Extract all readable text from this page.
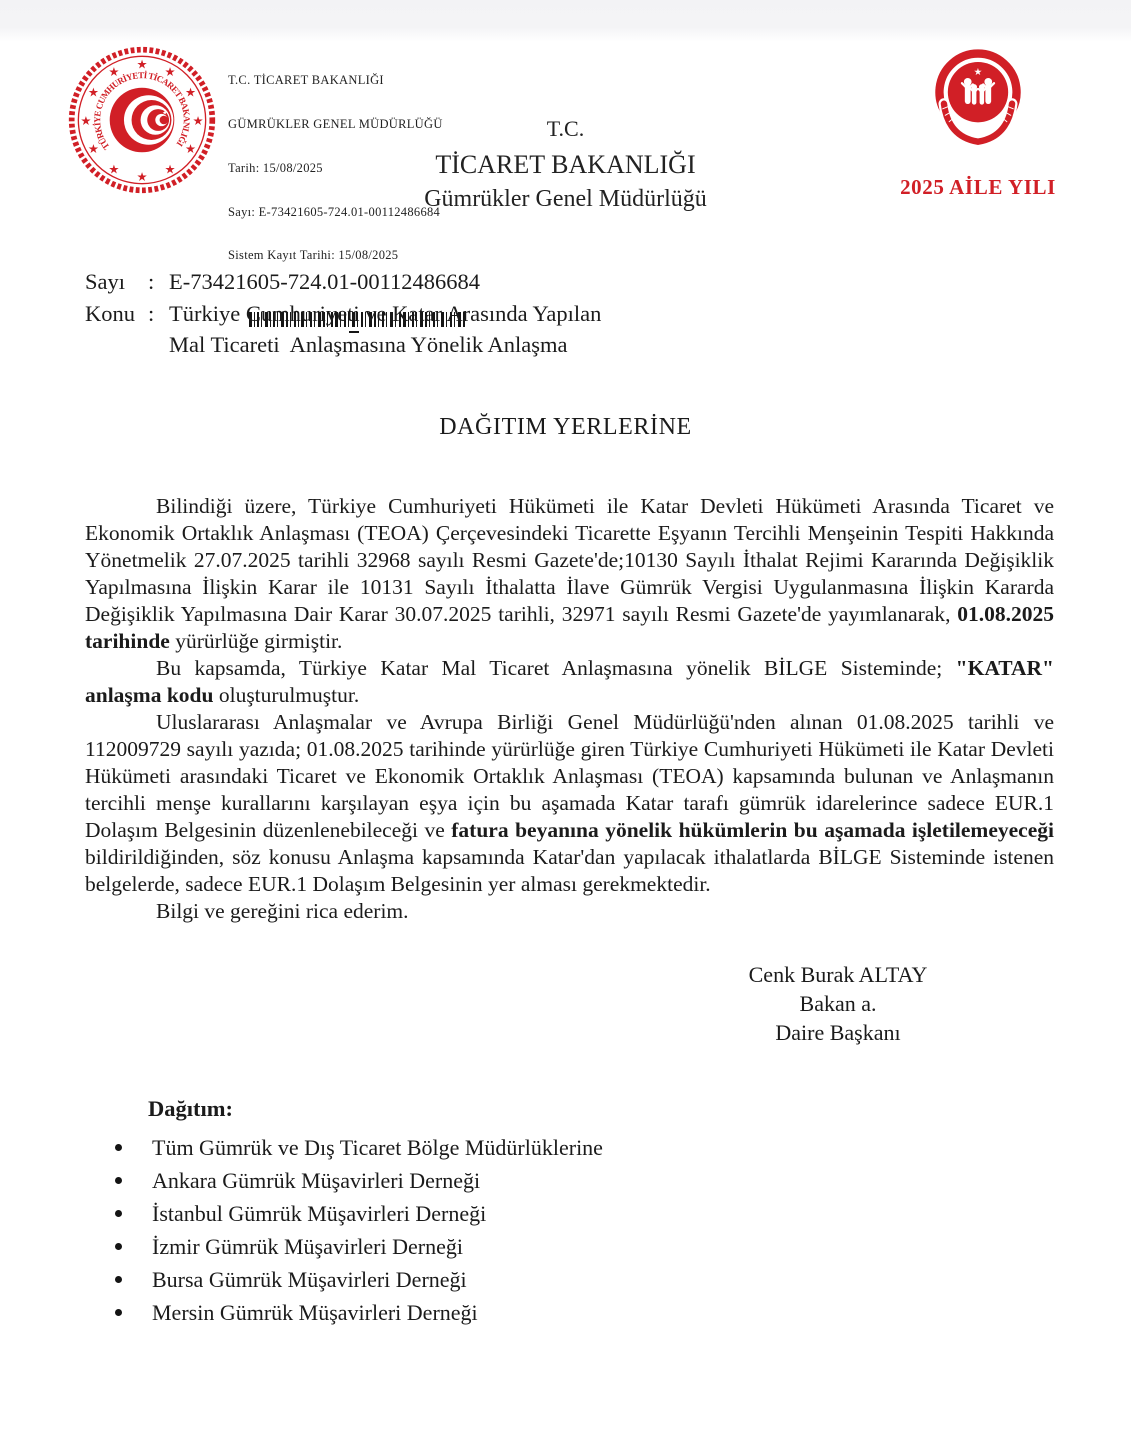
★
★
★
★
★
★
★
★
★
★
★
★
TÜRKİYE CUMHURİYETİ TİCARET BAKANLIĞI
★

T.C. TİCARET BAKANLIĞI

GÜMRÜKLER GENEL MÜDÜRLÜĞÜ

Tarih: 15/08/2025

Sayı: E-73421605-724.01-00112486684

Sistem Kayıt Tarihi: 15/08/2025

T.C.
TİCARET BAKANLIĞI
Gümrükler Genel Müdürlüğü
★
2025 AİLE YILI
Sayı	: E-73421605-724.01-00112486684
Konu : Türkiye Cumhuriyeti ve Katar Arasında Yapılan
Mal Ticareti  Anlaşmasına Yönelik Anlaşma
DAĞITIM YERLERİNE

Bilindiği üzere, Türkiye Cumhuriyeti Hükümeti ile Katar Devleti Hükümeti Arasında Ticaret ve Ekonomik Ortaklık Anlaşması (TEOA) Çerçevesindeki Ticarette Eşyanın Tercihli Menşeinin Tespiti Hakkında Yönetmelik 27.07.2025 tarihli 32968 sayılı Resmi Gazete'de;10130 Sayılı İthalat Rejimi Kararında Değişiklik Yapılmasına İlişkin Karar ile 10131 Sayılı İthalatta İlave Gümrük Vergisi Uygulanmasına İlişkin Kararda Değişiklik Yapılmasına Dair Karar 30.07.2025 tarihli, 32971 sayılı Resmi Gazete'de yayımlanarak, 01.08.2025 tarihinde yürürlüğe girmiştir.

Bu kapsamda, Türkiye Katar Mal Ticaret Anlaşmasına yönelik BİLGE Sisteminde; "KATAR" anlaşma kodu oluşturulmuştur.

Uluslararası Anlaşmalar ve Avrupa Birliği Genel Müdürlüğü'nden alınan 01.08.2025 tarihli ve 112009729 sayılı yazıda; 01.08.2025 tarihinde yürürlüğe giren Türkiye Cumhuriyeti Hükümeti ile Katar Devleti Hükümeti arasındaki Ticaret ve Ekonomik Ortaklık Anlaşması (TEOA) kapsamında bulunan ve Anlaşmanın tercihli menşe kurallarını karşılayan eşya için bu aşamada Katar tarafı gümrük idarelerince sadece EUR.1 Dolaşım Belgesinin düzenlenebileceği ve fatura beyanına yönelik hükümlerin bu aşamada işletilemeyeceği bildirildiğinden, söz konusu Anlaşma kapsamında Katar'dan yapılacak ithalatlarda BİLGE Sisteminde istenen belgelerde, sadece EUR.1 Dolaşım Belgesinin yer alması gerekmektedir.

Bilgi ve gereğini rica ederim.

Cenk Burak ALTAY
Bakan a.
Daire Başkanı
Dağıtım:
Tüm Gümrük ve Dış Ticaret Bölge Müdürlüklerine
Ankara Gümrük Müşavirleri Derneği
İstanbul Gümrük Müşavirleri Derneği
İzmir Gümrük Müşavirleri Derneği
Bursa Gümrük Müşavirleri Derneği
Mersin Gümrük Müşavirleri Derneği
